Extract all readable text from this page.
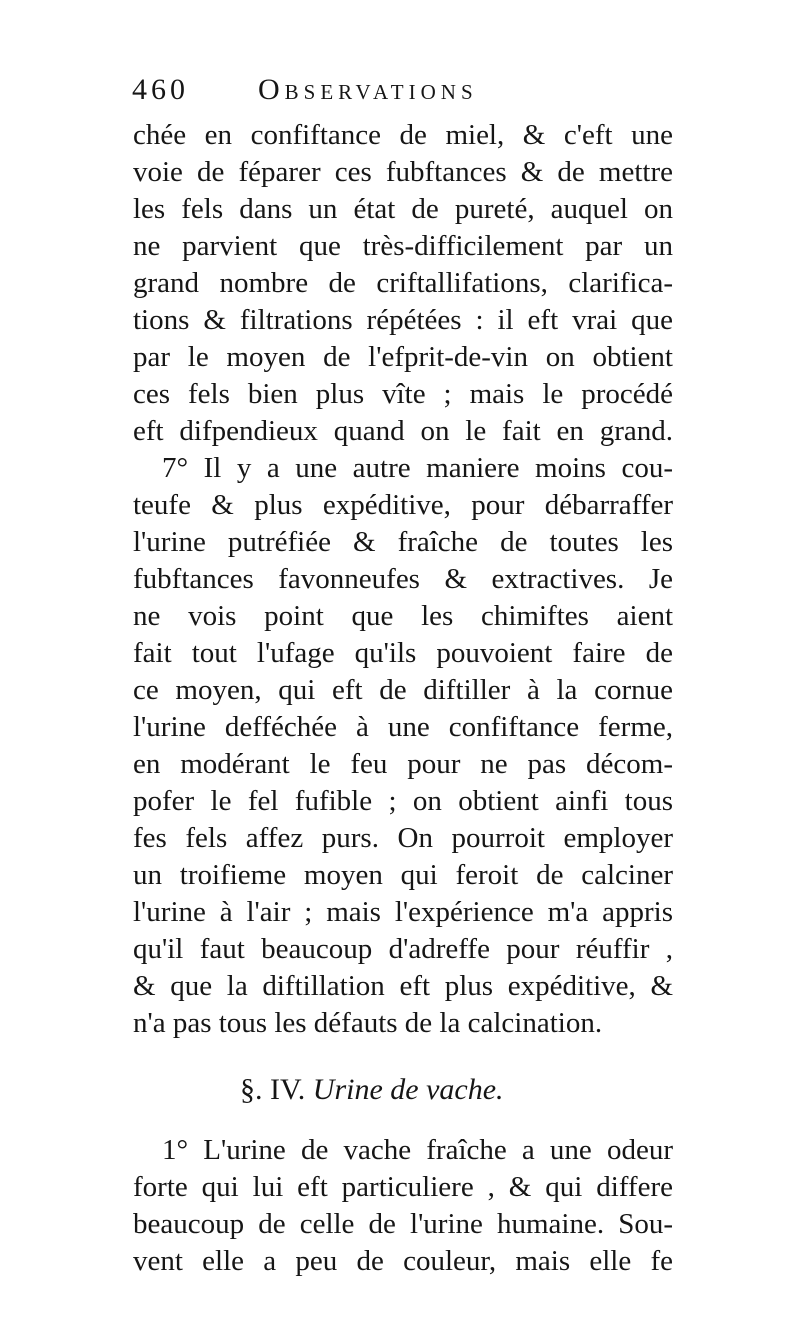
460 Observations
chée en confiftance de miel, & c'eft une
voie de féparer ces fubftances & de mettre
les fels dans un état de pureté, auquel on
ne parvient que très-difficilement par un
grand nombre de criftallifations, clarifica-
tions & filtrations répétées : il eft vrai que
par le moyen de l'efprit-de-vin on obtient
ces fels bien plus vîte ; mais le procédé
eft difpendieux quand on le fait en grand.
7° Il y a une autre maniere moins cou-
teufe & plus expéditive, pour débarraffer
l'urine putréfiée & fraîche de toutes les
fubftances favonneufes & extractives. Je
ne vois point que les chimiftes aient
fait tout l'ufage qu'ils pouvoient faire de
ce moyen, qui eft de diftiller à la cornue
l'urine defféchée à une confiftance ferme,
en modérant le feu pour ne pas décom-
pofer le fel fufible ; on obtient ainfi tous
fes fels affez purs. On pourroit employer
un troifieme moyen qui feroit de calciner
l'urine à l'air ; mais l'expérience m'a appris
qu'il faut beaucoup d'adreffe pour réuffir ,
& que la diftillation eft plus expéditive, &
n'a pas tous les défauts de la calcination.
§. IV. Urine de vache.
1° L'urine de vache fraîche a une odeur
forte qui lui eft particuliere , & qui differe
beaucoup de celle de l'urine humaine. Sou-
vent elle a peu de couleur, mais elle fe
